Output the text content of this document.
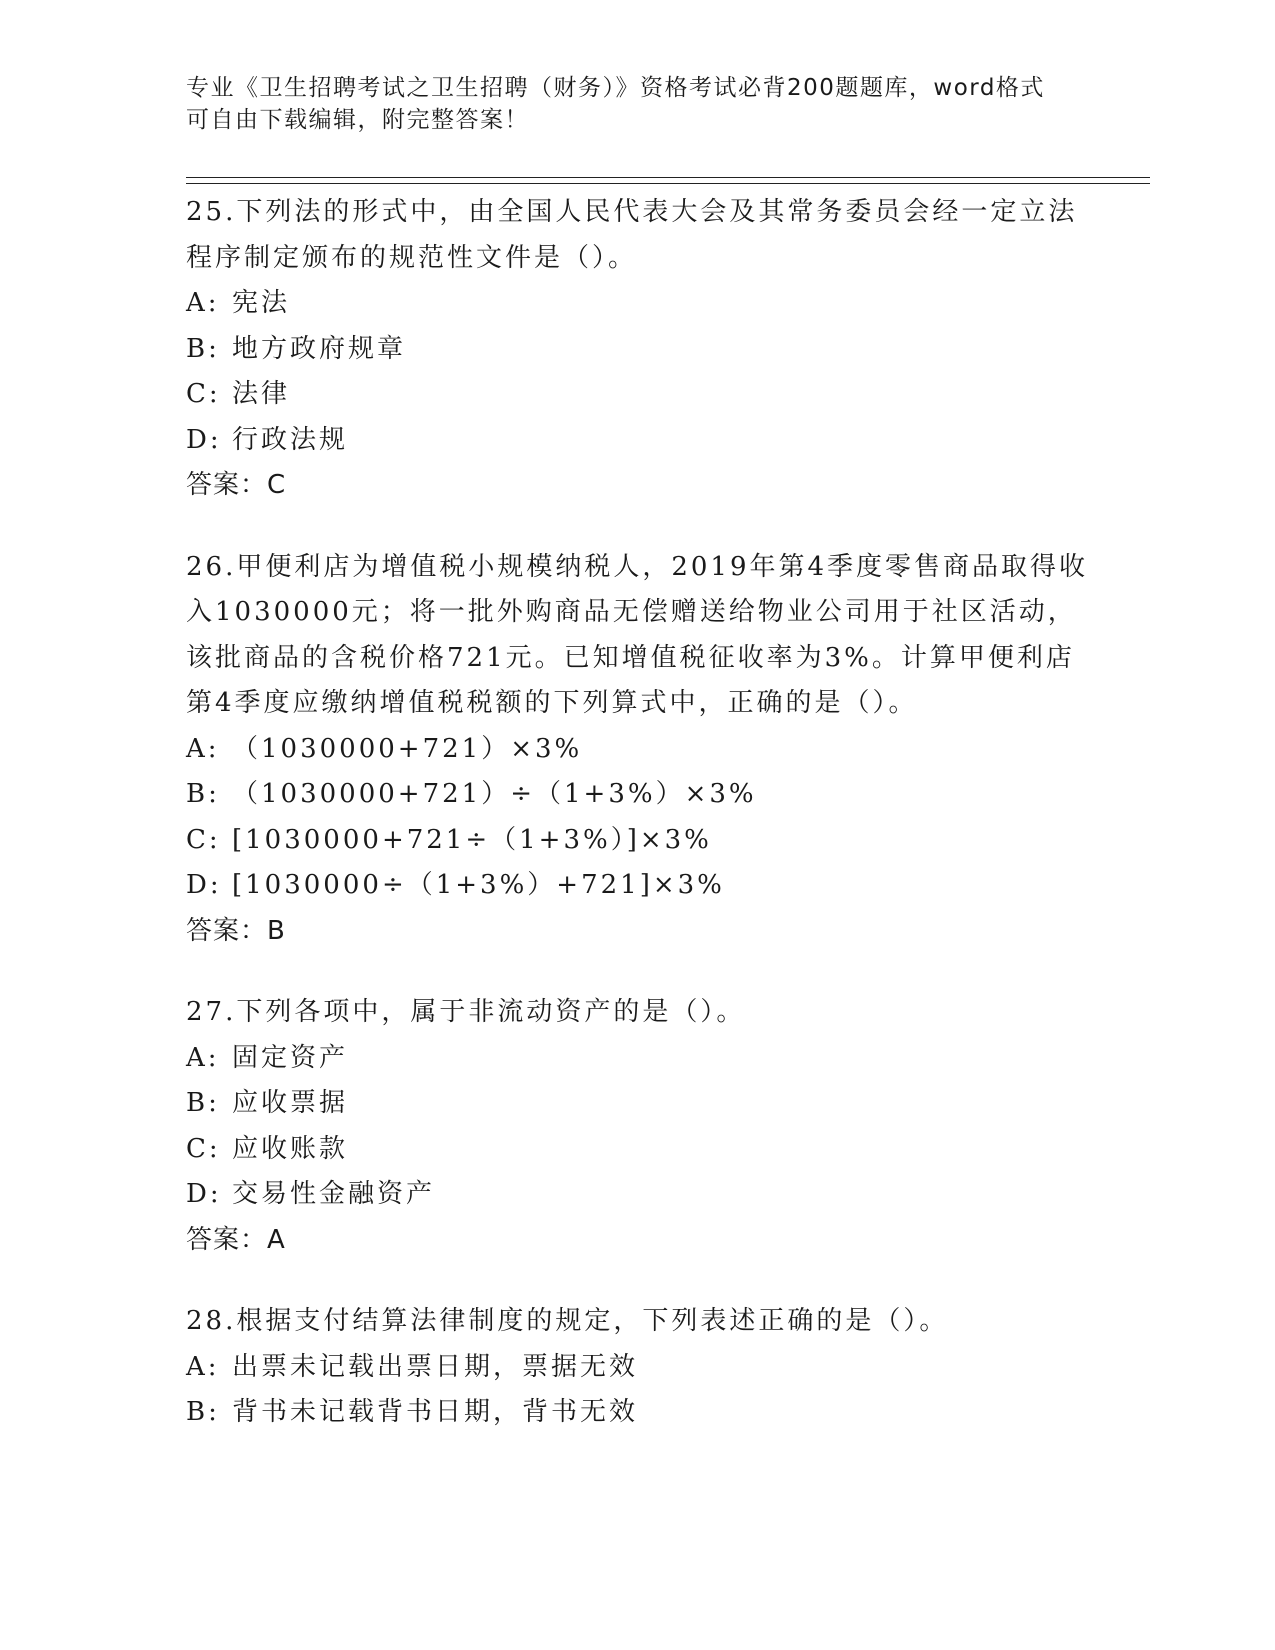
专业《卫生招聘考试之卫生招聘（财务）》资格考试必背200题题库，word格式
可自由下载编辑，附完整答案！
25.下列法的形式中，由全国人民代表大会及其常务委员会经一定立法
程序制定颁布的规范性文件是（）。
A: 宪法
B: 地方政府规章
C: 法律
D: 行政法规
答案：C
26.甲便利店为增值税小规模纳税人，2019年第4季度零售商品取得收
入1030000元；将一批外购商品无偿赠送给物业公司用于社区活动，
该批商品的含税价格721元。已知增值税征收率为3%。计算甲便利店
第4季度应缴纳增值税税额的下列算式中，正确的是（）。
A: （1030000+721）×3%
B: （1030000+721）÷（1+3%）×3%
C: [1030000+721÷（1+3%）]×3%
D: [1030000÷（1+3%）+721]×3%
答案：B
27.下列各项中，属于非流动资产的是（）。
A: 固定资产
B: 应收票据
C: 应收账款
D: 交易性金融资产
答案：A
28.根据支付结算法律制度的规定，下列表述正确的是（）。
A: 出票未记载出票日期，票据无效
B: 背书未记载背书日期，背书无效
